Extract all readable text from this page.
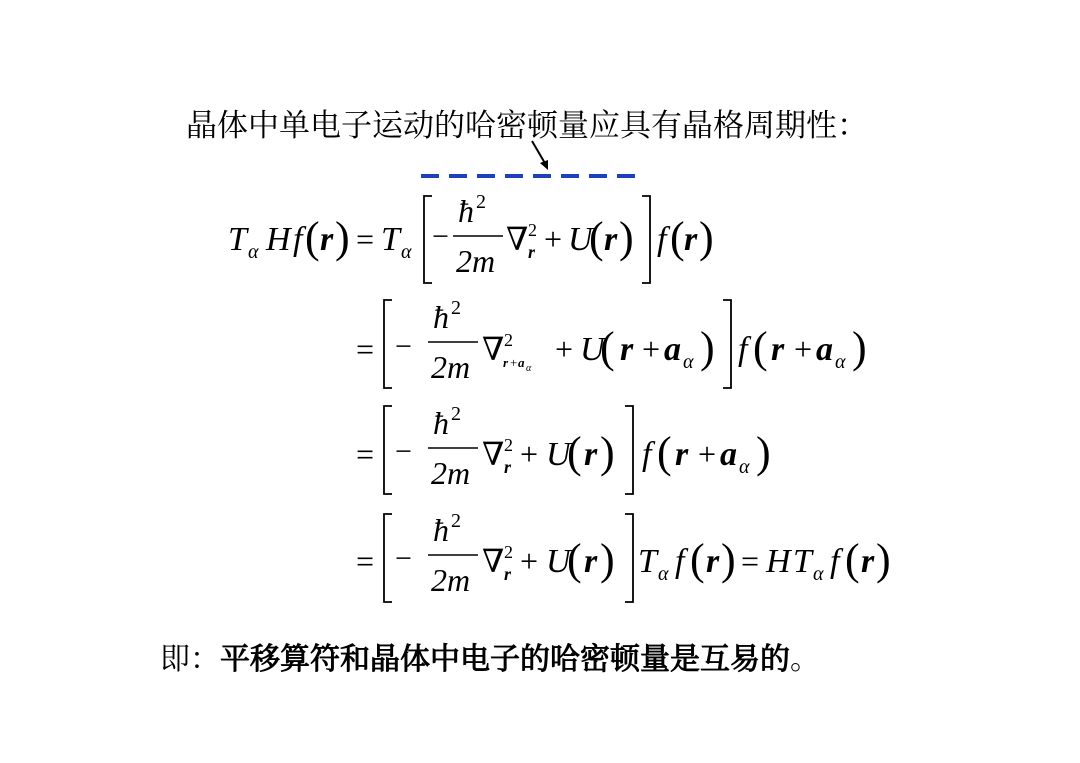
晶体中单电子运动的哈密顿量应具有晶格周期性：
T α H f ( r ) = T α −
ħ 2
2m
∇ 2
r + U
( r ) f ( r )
= −
ħ 2
2m ∇ 2
r + a α
+ U
( r + a α ) f ( r + a α )
= −
ħ 2
2m
∇ 2
r + U
( r ) f ( r + a α )
= −
ħ 2
2m
∇ 2
r + U
( r ) T α f ( r ) = H T α f ( r )
即：平移算符和晶体中电子的哈密顿量是互易的。
